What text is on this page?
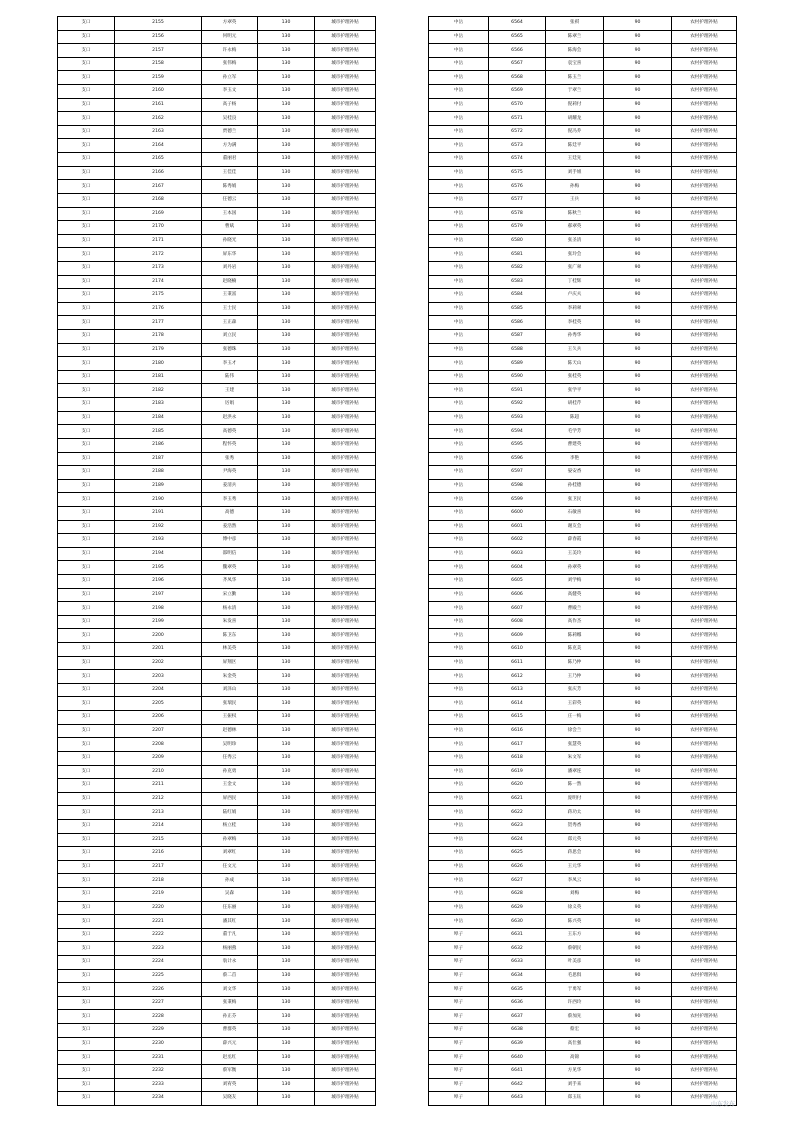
支口	2155	方翠英	130	城市护理补贴
支口	2156	何明元	130	城市护理补贴
支口	2157	许永梅	130	城市护理补贴
支口	2158	张伟梅	130	城市护理补贴
支口	2159	孙立军	130	城市护理补贴
支口	2160	李玉文	130	城市护理补贴
支口	2161	高子杨	130	城市护理补贴
支口	2162	吴桂良	130	城市护理补贴
支口	2163	贾德兰	130	城市护理补贴
支口	2164	方为满	130	城市护理补贴
支口	2165	董丽君	130	城市护理补贴
支口	2166	王佳佳	130	城市护理补贴
支口	2167	陈秀娟	130	城市护理补贴
支口	2168	任德云	130	城市护理补贴
支口	2169	王本国	130	城市护理补贴
支口	2170	曹斌	130	城市护理补贴
支口	2171	孙晓光	130	城市护理补贴
支口	2172	屏东华	130	城市护理补贴
支口	2173	刘丹岩	130	城市护理补贴
支口	2174	赵晓楠	130	城市护理补贴
支口	2175	王秉富	130	城市护理补贴
支口	2176	王士民	130	城市护理补贴
支口	2177	王正森	130	城市护理补贴
支口	2178	刘立民	130	城市护理补贴
支口	2179	张德珠	130	城市护理补贴
支口	2180	李玉才	130	城市护理补贴
支口	2181	陆伟	130	城市护理补贴
支口	2182	王建	130	城市护理补贴
支口	2183	厉娟	130	城市护理补贴
支口	2184	赵洪永	130	城市护理补贴
支口	2185	高德英	130	城市护理补贴
支口	2186	程怀英	130	城市护理补贴
支口	2187	张秀	130	城市护理补贴
支口	2188	尹海英	130	城市护理补贴
支口	2189	姜清兵	130	城市护理补贴
支口	2190	李玉秀	130	城市护理补贴
支口	2191	高德	130	城市护理补贴
支口	2192	姜浩然	130	城市护理补贴
支口	2193	傅中彦	130	城市护理补贴
支口	2194	邵明信	130	城市护理补贴
支口	2195	魏翠英	130	城市护理补贴
支口	2196	齐凤华	130	城市护理补贴
支口	2197	宋立勤	130	城市护理补贴
支口	2198	杨永清	130	城市护理补贴
支口	2199	朱发喜	130	城市护理补贴
支口	2200	陈卫东	130	城市护理补贴
支口	2201	林美英	130	城市护理补贴
支口	2202	屏翔区	130	城市护理补贴
支口	2203	朱金英	130	城市护理补贴
支口	2204	刘泽山	130	城市护理补贴
支口	2205	张瑞民	130	城市护理补贴
支口	2206	王振权	130	城市护理补贴
支口	2207	赵德林	130	城市护理补贴
支口	2208	吴明珍	130	城市护理补贴
支口	2209	任秀云	130	城市护理补贴
支口	2210	孙克勇	130	城市护理补贴
支口	2211	王金文	130	城市护理补贴
支口	2212	屏西民	130	城市护理补贴
支口	2213	陆红娟	130	城市护理补贴
支口	2214	杨立桂	130	城市护理补贴
支口	2215	孙翠梅	130	城市护理补贴
支口	2216	刘翠红	130	城市护理补贴
支口	2217	任文元	130	城市护理补贴
支口	2218	孙成	130	城市护理补贴
支口	2219	吴森	130	城市护理补贴
支口	2220	任东丽	130	城市护理补贴
支口	2221	潘其红	130	城市护理补贴
支口	2222	董于凡	130	城市护理补贴
支口	2223	杨丽燕	130	城市护理补贴
支口	2224	翁计永	130	城市护理补贴
支口	2225	蔡二首	130	城市护理补贴
支口	2226	刘文华	130	城市护理补贴
支口	2227	张秉梅	130	城市护理补贴
支口	2228	孙正芬	130	城市护理补贴
支口	2229	曹群英	130	城市护理补贴
支口	2230	薛兴元	130	城市护理补贴
支口	2231	赵丞红	130	城市护理补贴
支口	2232	蔡军衡	130	城市护理补贴
支口	2233	刘宥英	130	城市护理补贴
支口	2234	吴晓友	130	城市护理补贴
中岳	6564	张祺	90	农村护理补贴
中岳	6565	陈翠兰	90	农村护理补贴
中岳	6566	陈海会	90	农村护理补贴
中岳	6567	袁宝喜	90	农村护理补贴
中岳	6568	陈玉兰	90	农村护理补贴
中岳	6569	于翠兰	90	农村护理补贴
中岳	6570	倪莉付	90	农村护理补贴
中岳	6571	胡耀龙	90	农村护理补贴
中岳	6572	倪冯乔	90	农村护理补贴
中岳	6573	陈廷平	90	农村护理补贴
中岳	6574	王廷先	90	农村护理补贴
中岳	6575	刘手姐	90	农村护理补贴
中岳	6576	孙梅	90	农村护理补贴
中岳	6577	王兵	90	农村护理补贴
中岳	6578	陈秋兰	90	农村护理补贴
中岳	6579	郝翠英	90	农村护理补贴
中岳	6580	张圣清	90	农村护理补贴
中岳	6581	张玲会	90	农村护理补贴
中岳	6582	张广翠	90	农村护理补贴
中岳	6583	丁桂辉	90	农村护理补贴
中岳	6584	卢庆夫	90	农村护理补贴
中岳	6585	李莉翠	90	农村护理补贴
中岳	6586	李桂英	90	农村护理补贴
中岳	6587	孙秀华	90	农村护理补贴
中岳	6588	王久兵	90	农村护理补贴
中岳	6589	陈天山	90	农村护理补贴
中岳	6590	张桂英	90	农村护理补贴
中岳	6591	张学平	90	农村护理补贴
中岳	6592	胡桂芹	90	农村护理补贴
中岳	6593	陈超	90	农村护理补贴
中岳	6594	毛学芳	90	农村护理补贴
中岳	6595	曹建英	90	农村护理补贴
中岳	6596	李艳	90	农村护理补贴
中岳	6597	晏安香	90	农村护理补贴
中岳	6598	孙桂德	90	农村护理补贴
中岳	6599	张卫民	90	农村护理补贴
中岳	6600	石敏喜	90	农村护理补贴
中岳	6601	谢友会	90	农村护理补贴
中岳	6602	薛春霞	90	农村护理补贴
中岳	6603	王美玲	90	农村护理补贴
中岳	6604	孙翠英	90	农村护理补贴
中岳	6605	刘学梅	90	农村护理补贴
中岳	6606	高健英	90	农村护理补贴
中岳	6607	曹殿兰	90	农村护理补贴
中岳	6608	高作杰	90	农村护理补贴
中岳	6609	陈莉娜	90	农村护理补贴
中岳	6610	陈克美	90	农村护理补贴
中岳	6611	陈乃仲	90	农村护理补贴
中岳	6612	王乃仲	90	农村护理补贴
中岳	6613	张庆芳	90	农村护理补贴
中岳	6614	王彩英	90	农村护理补贴
中岳	6615	庄一梅	90	农村护理补贴
中岳	6616	徐会兰	90	农村护理补贴
中岳	6617	张慧英	90	农村护理补贴
中岳	6618	朱文军	90	农村护理补贴
中岳	6619	潘翠连	90	农村护理补贴
中岳	6620	陈一然	90	农村护理补贴
中岳	6621	庞明付	90	农村护理补贴
中岳	6622	蒋功太	90	农村护理补贴
中岳	6623	贺秀香	90	农村护理补贴
中岳	6624	郑元英	90	农村护理补贴
中岳	6625	蒋思会	90	农村护理补贴
中岳	6626	王元华	90	农村护理补贴
中岳	6627	李凤云	90	农村护理补贴
中岳	6628	刘梅	90	农村护理补贴
中岳	6629	徐义英	90	农村护理补贴
中岳	6630	陈兴英	90	农村护理补贴
埠子	6631	王东方	90	农村护理补贴
埠子	6632	蔡朝民	90	农村护理补贴
埠子	6633	叶美彦	90	农村护理补贴
埠子	6634	毛思俱	90	农村护理补贴
埠子	6635	于勇军	90	农村护理补贴
埠子	6636	许西玲	90	农村护理补贴
埠子	6637	蔡加先	90	农村护理补贴
埠子	6638	蔡宏	90	农村护理补贴
埠子	6639	高仕强	90	农村护理补贴
埠子	6640	高锦	90	农村护理补贴
埠子	6641	方见华	90	农村护理补贴
埠子	6642	刘手来	90	农村护理补贴
埠子	6643	郑玉钰	90	农村护理补贴
山东发布
